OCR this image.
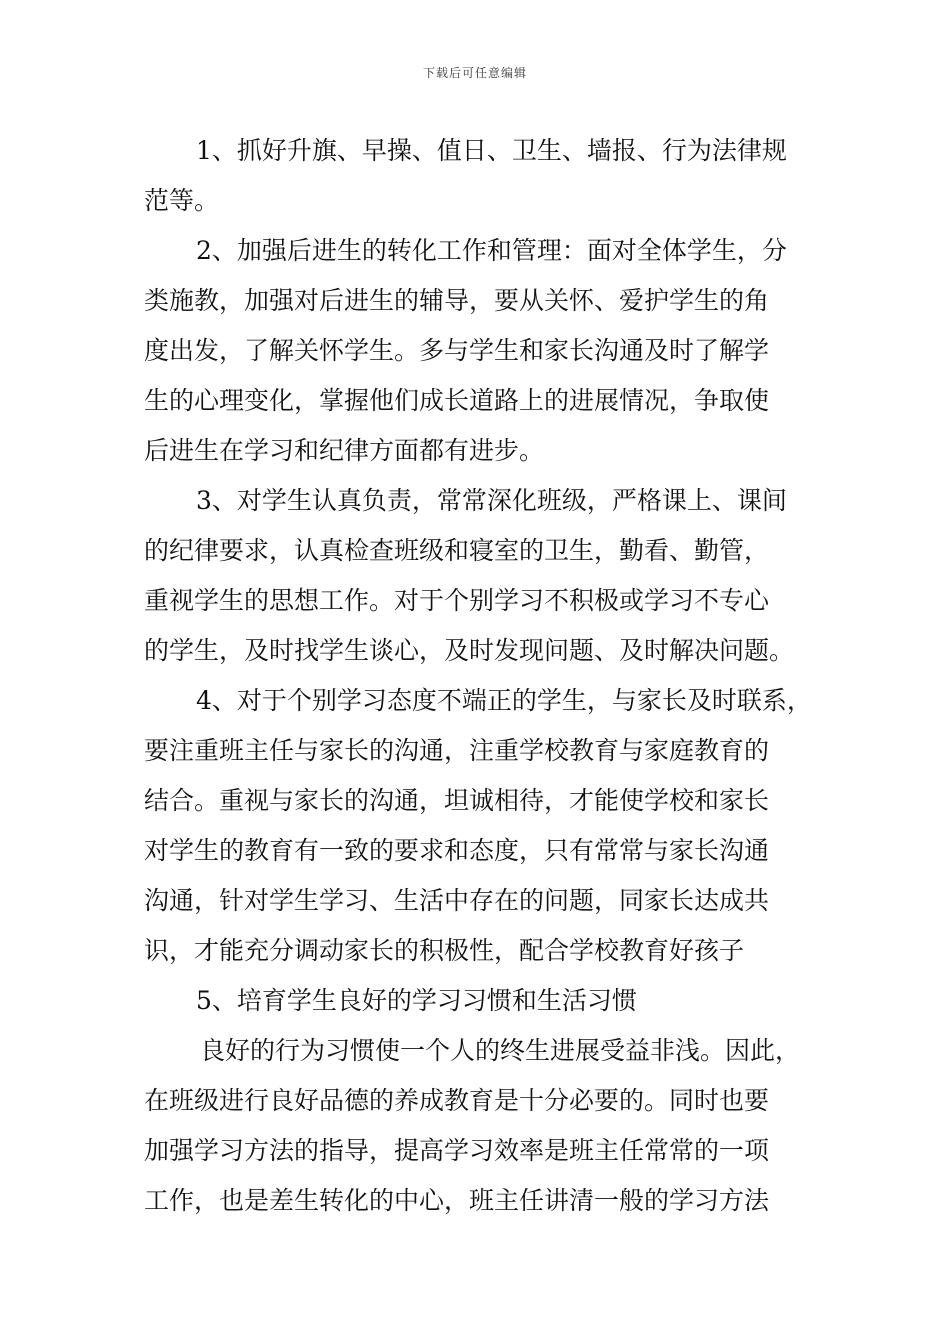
下载后可任意编辑
1、抓好升旗、早操、值日、卫生、墙报、行为法律规
范等。
2、加强后进生的转化工作和管理：面对全体学生，分
类施教，加强对后进生的辅导，要从关怀、爱护学生的角
度出发，了解关怀学生。多与学生和家长沟通及时了解学
生的心理变化，掌握他们成长道路上的进展情况，争取使
后进生在学习和纪律方面都有进步。
3、对学生认真负责，常常深化班级，严格课上、课间
的纪律要求，认真检查班级和寝室的卫生，勤看、勤管，
重视学生的思想工作。对于个别学习不积极或学习不专心
的学生，及时找学生谈心，及时发现问题、及时解决问题。
4、对于个别学习态度不端正的学生，与家长及时联系，
要注重班主任与家长的沟通，注重学校教育与家庭教育的
结合。重视与家长的沟通，坦诚相待，才能使学校和家长
对学生的教育有一致的要求和态度，只有常常与家长沟通
沟通，针对学生学习、生活中存在的问题，同家长达成共
识，才能充分调动家长的积极性，配合学校教育好孩子
5、培育学生良好的学习习惯和生活习惯
良好的行为习惯使一个人的终生进展受益非浅。因此，
在班级进行良好品德的养成教育是十分必要的。同时也要
加强学习方法的指导，提高学习效率是班主任常常的一项
工作，也是差生转化的中心，班主任讲清一般的学习方法
